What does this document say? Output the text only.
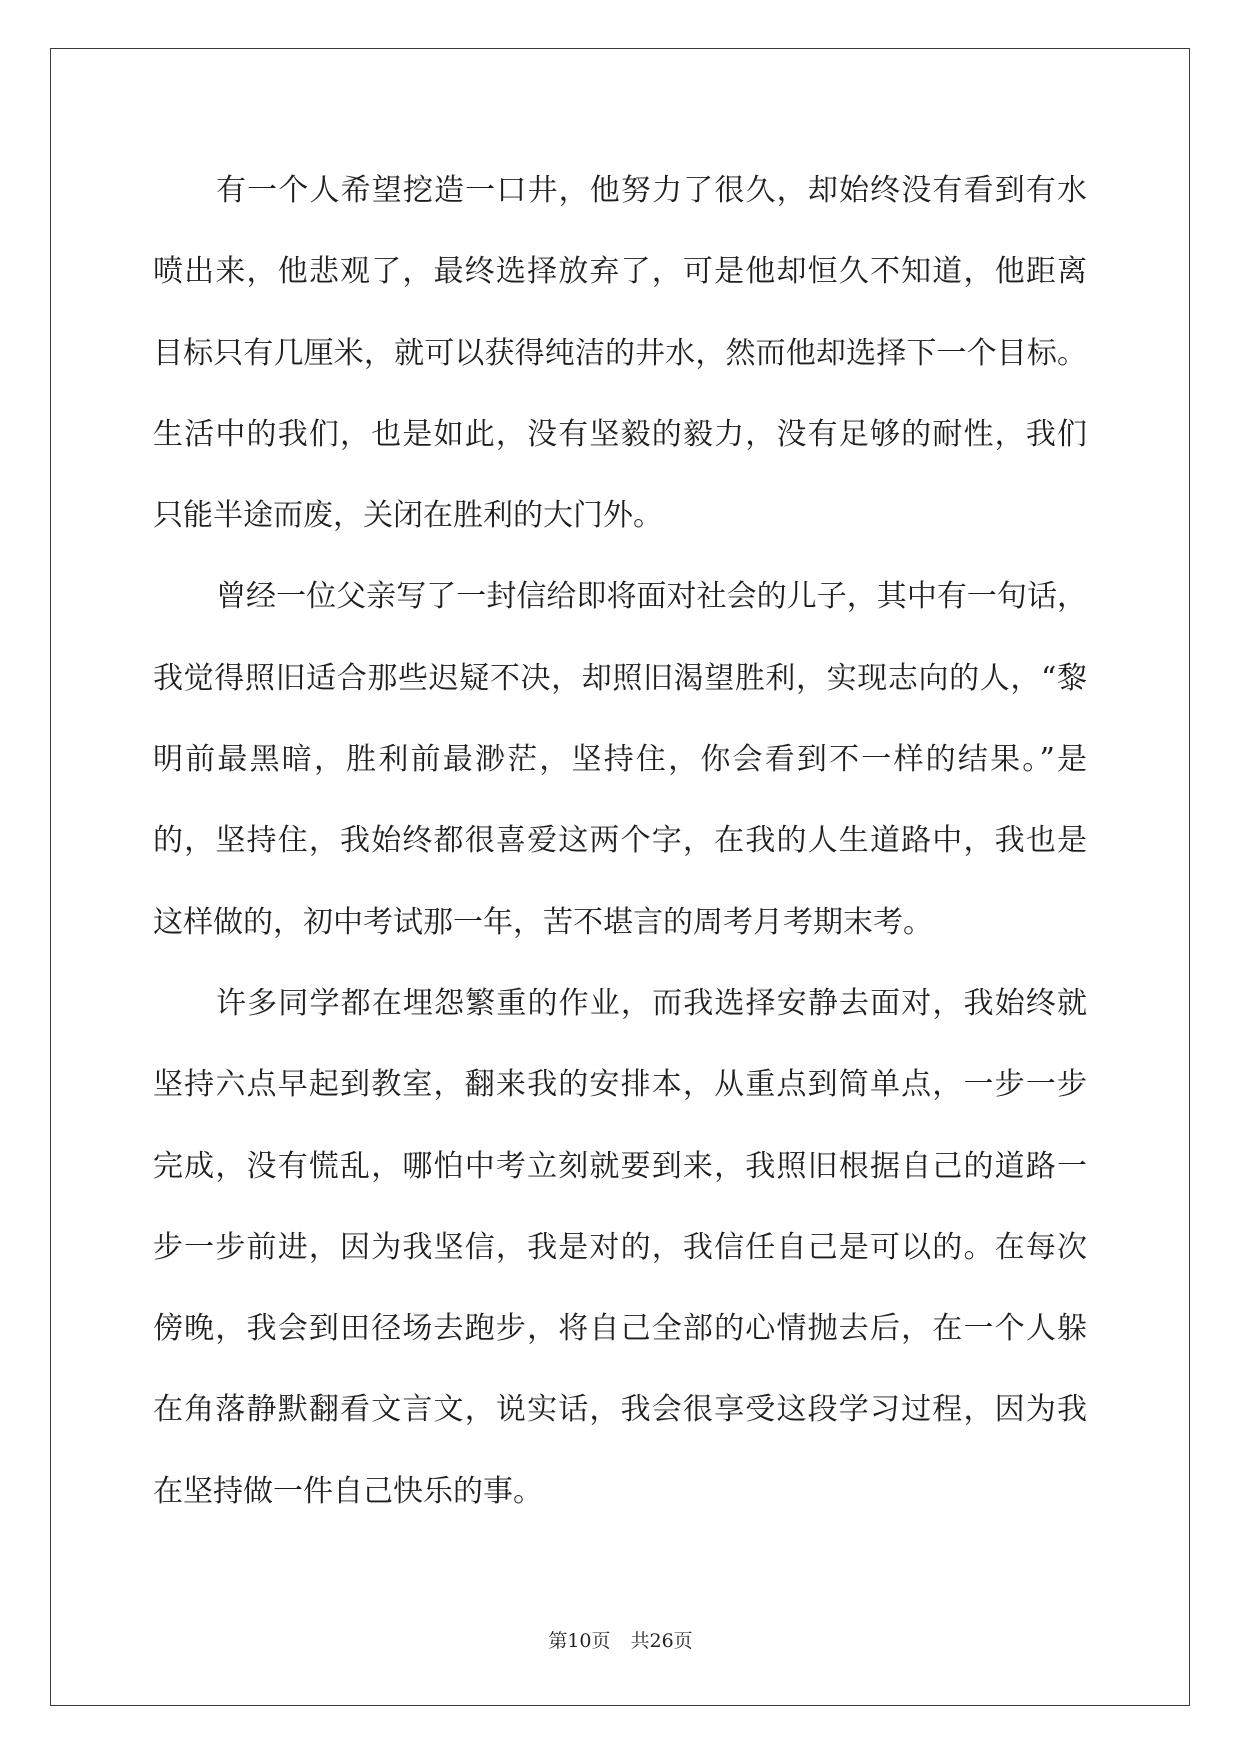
有一个人希望挖造一口井，他努力了很久，却始终没有看到有水
喷出来，他悲观了，最终选择放弃了，可是他却恒久不知道，他距离
目标只有几厘米，就可以获得纯洁的井水，然而他却选择下一个目标。
生活中的我们，也是如此，没有坚毅的毅力，没有足够的耐性，我们
只能半途而废，关闭在胜利的大门外。
曾经一位父亲写了一封信给即将面对社会的儿子，其中有一句话，
我觉得照旧适合那些迟疑不决，却照旧渴望胜利，实现志向的人，“黎
明前最黑暗，胜利前最渺茫，坚持住，你会看到不一样的结果。”是
的，坚持住，我始终都很喜爱这两个字，在我的人生道路中，我也是
这样做的，初中考试那一年，苦不堪言的周考月考期末考。
许多同学都在埋怨繁重的作业，而我选择安静去面对，我始终就
坚持六点早起到教室，翻来我的安排本，从重点到简单点，一步一步
完成，没有慌乱，哪怕中考立刻就要到来，我照旧根据自己的道路一
步一步前进，因为我坚信，我是对的，我信任自己是可以的。在每次
傍晚，我会到田径场去跑步，将自己全部的心情抛去后，在一个人躲
在角落静默翻看文言文，说实话，我会很享受这段学习过程，因为我
在坚持做一件自己快乐的事。
第10页 共26页
